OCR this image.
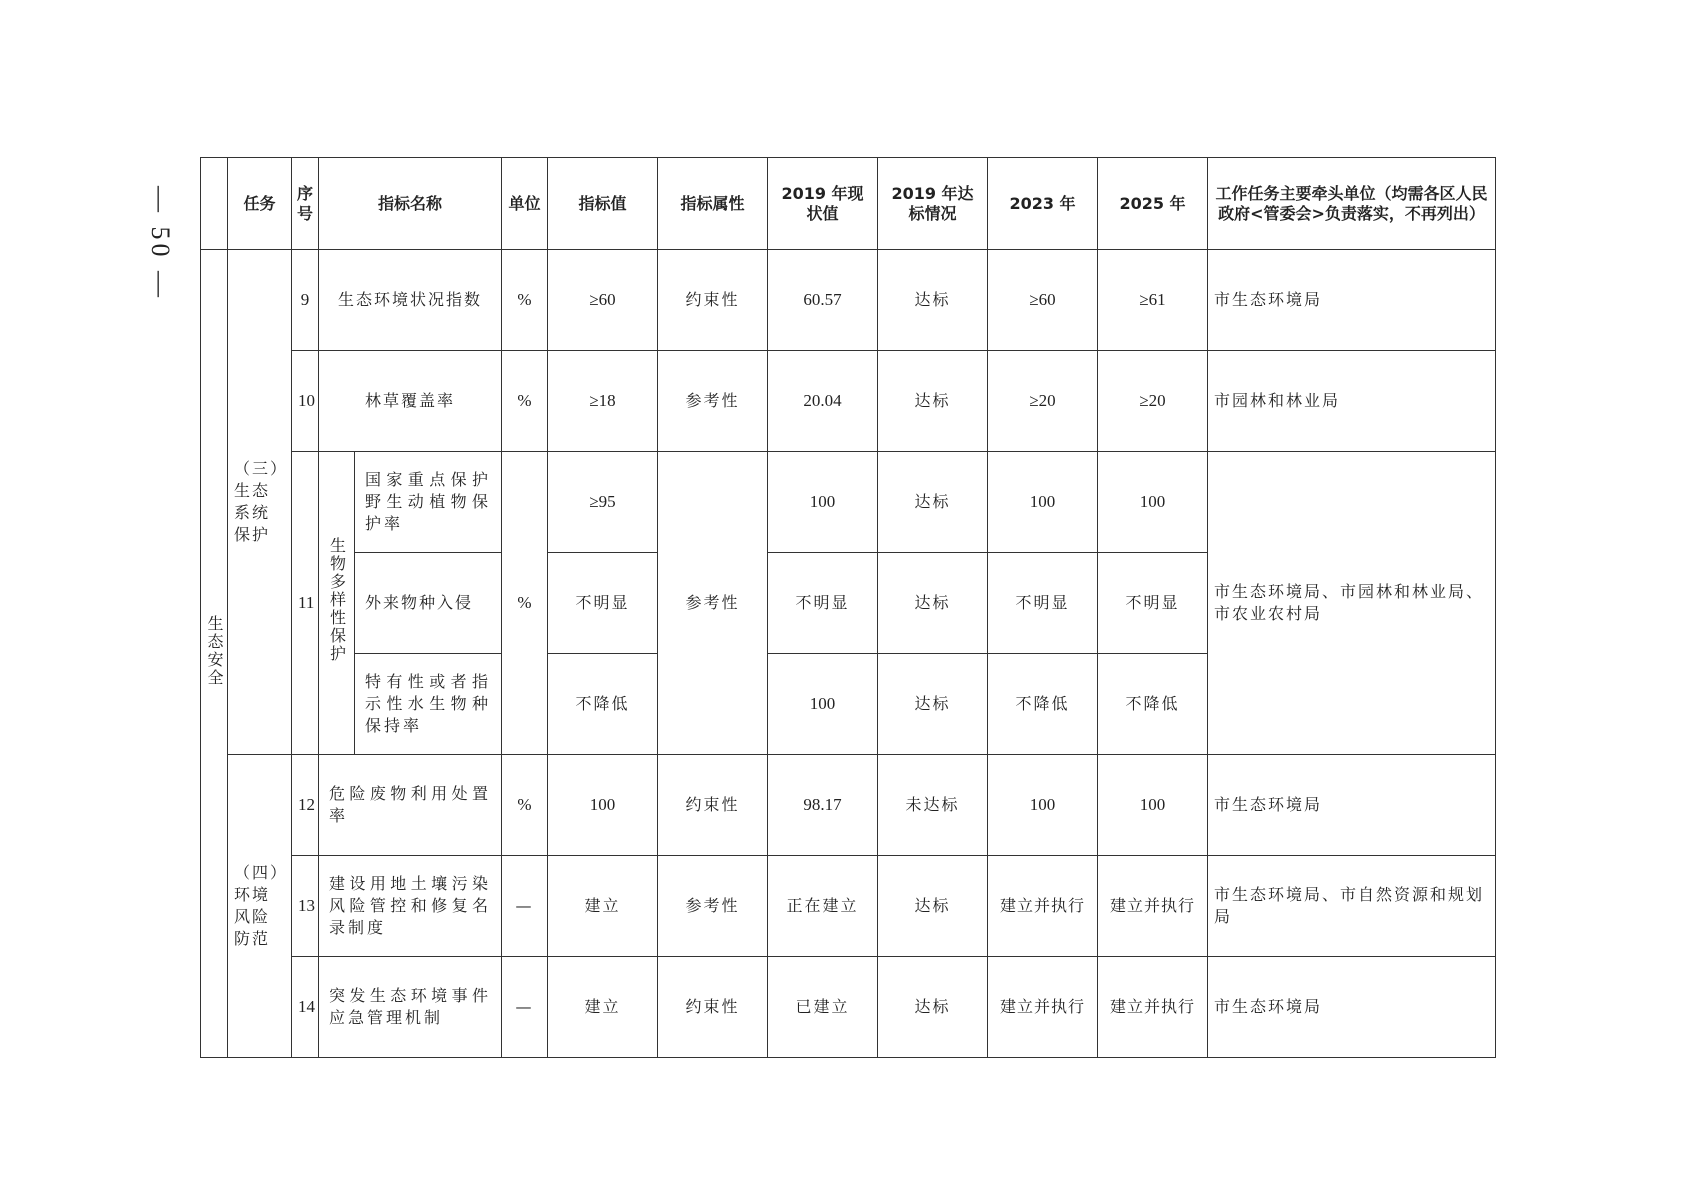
— 50 —
		任务	序号	指标名称		单位	指标值	指标属性	2019 年现状值	2019 年达标情况	2023 年	2025 年	工作任务主要牵头单位（均需各区人民政府<管委会>负责落实，不再列出）
生态安全	（三）生态系统保护	9	生态环境状况指数		%	≥60	约束性	60.57	达标	≥60	≥61	市生态环境局
		10	林草覆盖率		%	≥18	参考性	20.04	达标	≥20	≥20	市园林和林业局
		11	生物多样性保护	国家重点保护野生动植物保护率	%	≥95	参考性	100	达标	100	100	市生态环境局、市园林和林业局、市农业农村局
				外来物种入侵		不明显		不明显	达标	不明显	不明显	
				特有性或者指示性水生物种保持率		不降低		100	达标	不降低	不降低	
	（四）环境风险防范	12	危险废物利用处置率		%	100	约束性	98.17	未达标	100	100	市生态环境局
		13	建设用地土壤污染风险管控和修复名录制度		—	建立	参考性	正在建立	达标	建立并执行	建立并执行	市生态环境局、市自然资源和规划局
		14	突发生态环境事件应急管理机制		—	建立	约束性	已建立	达标	建立并执行	建立并执行	市生态环境局
